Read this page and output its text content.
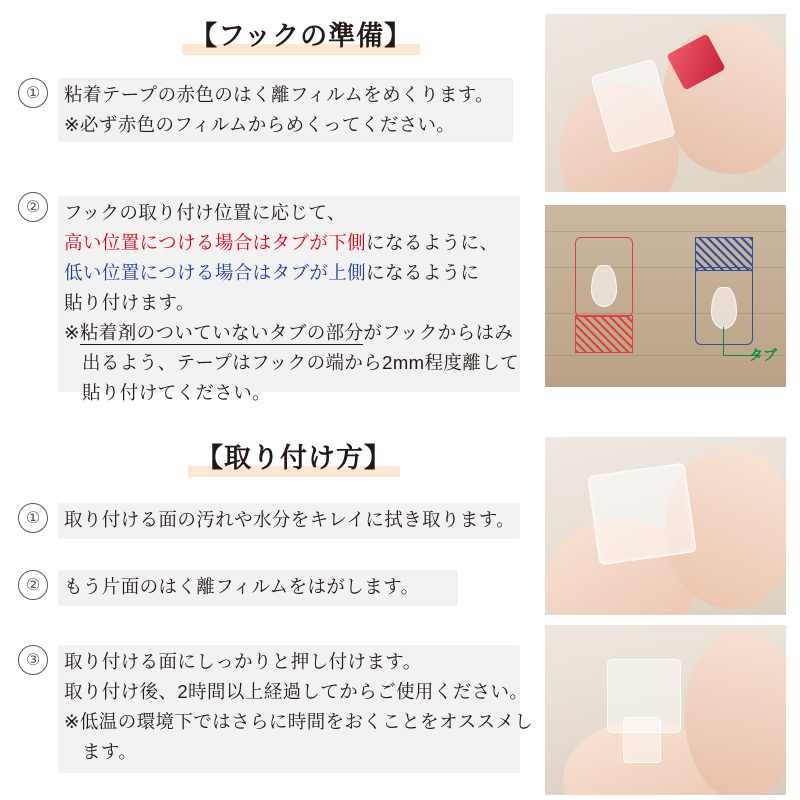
【フックの準備】
①	粘着テープの赤色のはく離フィルムをめくります。
※必ず赤色のフィルムからめくってください。
②	フックの取り付け位置に応じて、
高い位置につける場合はタブが下側になるように、
低い位置につける場合はタブが上側になるように
貼り付けます。
※粘着剤のついていないタブの部分がフックからはみ
出るよう、テープはフックの端から2mm程度離して
貼り付けてください。
【取り付け方】
①	取り付ける面の汚れや水分をキレイに拭き取ります。
②	もう片面のはく離フィルムをはがします。
③	取り付ける面にしっかりと押し付けます。
取り付け後、2時間以上経過してからご使用ください。
※低温の環境下ではさらに時間をおくことをオススメし
ます。
タブ
